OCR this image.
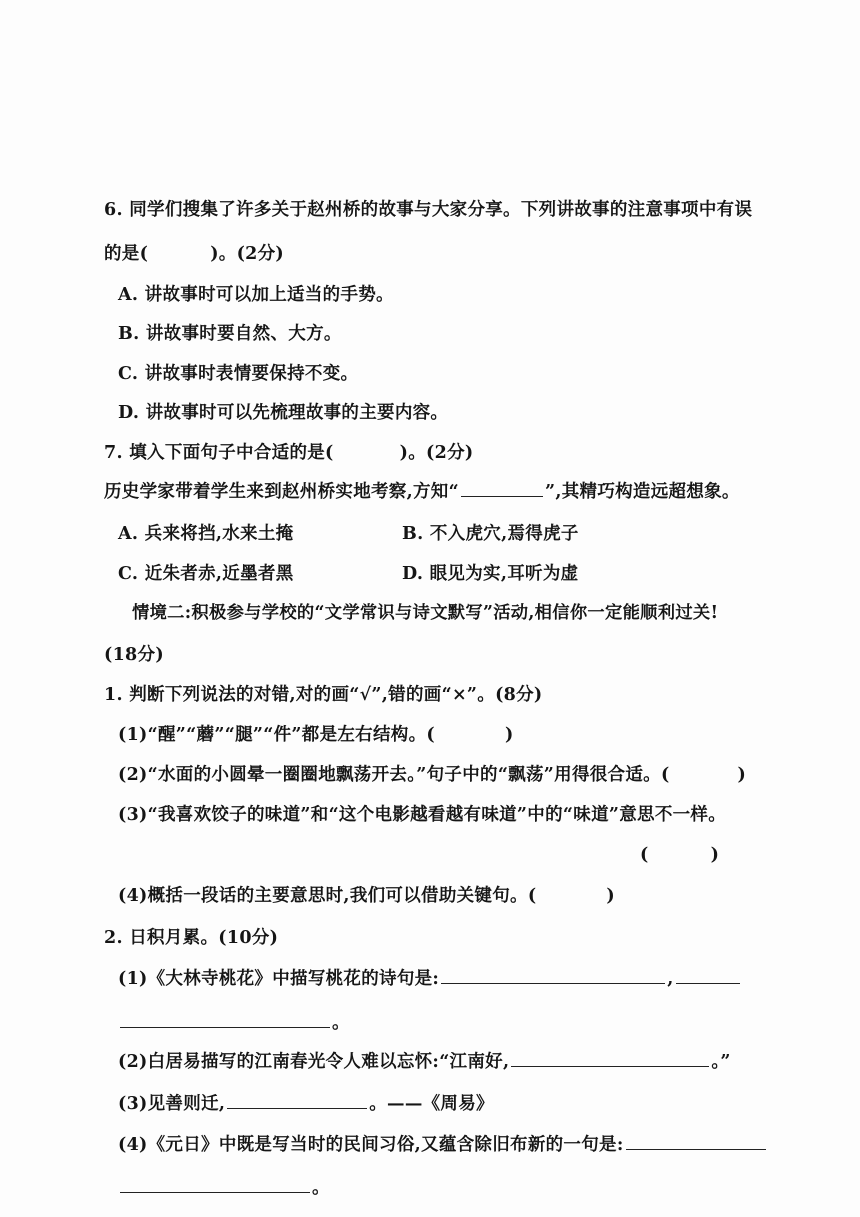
6. 同学们搜集了许多关于赵州桥的故事与大家分享。下列讲故事的注意事项中有误
的是(	)。(2分)
A. 讲故事时可以加上适当的手势。
B. 讲故事时要自然、大方。
C. 讲故事时表情要保持不变。
D. 讲故事时可以先梳理故事的主要内容。
7. 填入下面句子中合适的是(	)。(2分)
历史学家带着学生来到赵州桥实地考察,方知“	”,其精巧构造远超想象。
A. 兵来将挡,水来土掩	B. 不入虎穴,焉得虎子
C. 近朱者赤,近墨者黑	D. 眼见为实,耳听为虚
情境二:积极参与学校的“文学常识与诗文默写”活动,相信你一定能顺利过关!
(18分)
1. 判断下列说法的对错,对的画“√”,错的画“×”。(8分)
(1)“醒”“蘑”“腿”“件”都是左右结构。(	)
(2)“水面的小圆晕一圈圈地飘荡开去。”句子中的“飘荡”用得很合适。(	)
(3)“我喜欢饺子的味道”和“这个电影越看越有味道”中的“味道”意思不一样。
(	)
(4)概括一段话的主要意思时,我们可以借助关键句。(	)
2. 日积月累。(10分)
(1)《大林寺桃花》中描写桃花的诗句是:	,
。
(2)白居易描写的江南春光令人难以忘怀:“江南好,	。”
(3)见善则迁,	。——《周易》
(4)《元日》中既是写当时的民间习俗,又蕴含除旧布新的一句是:
。
